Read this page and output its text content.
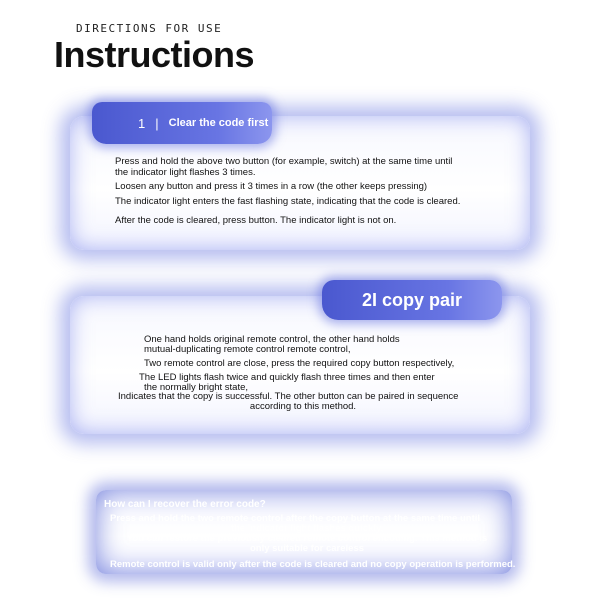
DIRECTIONS FOR USE
Instructions
1 | Clear the code first
Press and hold the above two button (for example, switch) at the same time until
the indicator light flashes 3 times.
Loosen any button and press it 3 times in a row (the other keeps pressing)
The indicator light enters the fast flashing state, indicating that the code is cleared.
After the code is cleared, press button. The indicator light is not on.
2I copy pair
One hand holds original remote control, the other hand holds
mutual-duplicating remote control remote control,
Two remote control are close, press the required copy button respectively,
The LED lights flash twice and quickly flash three times and then enter
the normally bright state,
Indicates that the copy is successful. The other button can be paired in sequence
according to this method.
How can I recover the error code?
Press and hold the two remote control after the copy button at the same time until
the indicator light flashes quickly,
You can restore the previously cleared remote control encoding. This method is
only suitable for careless
Remote control is valid only after the code is cleared and no copy operation is performed.
